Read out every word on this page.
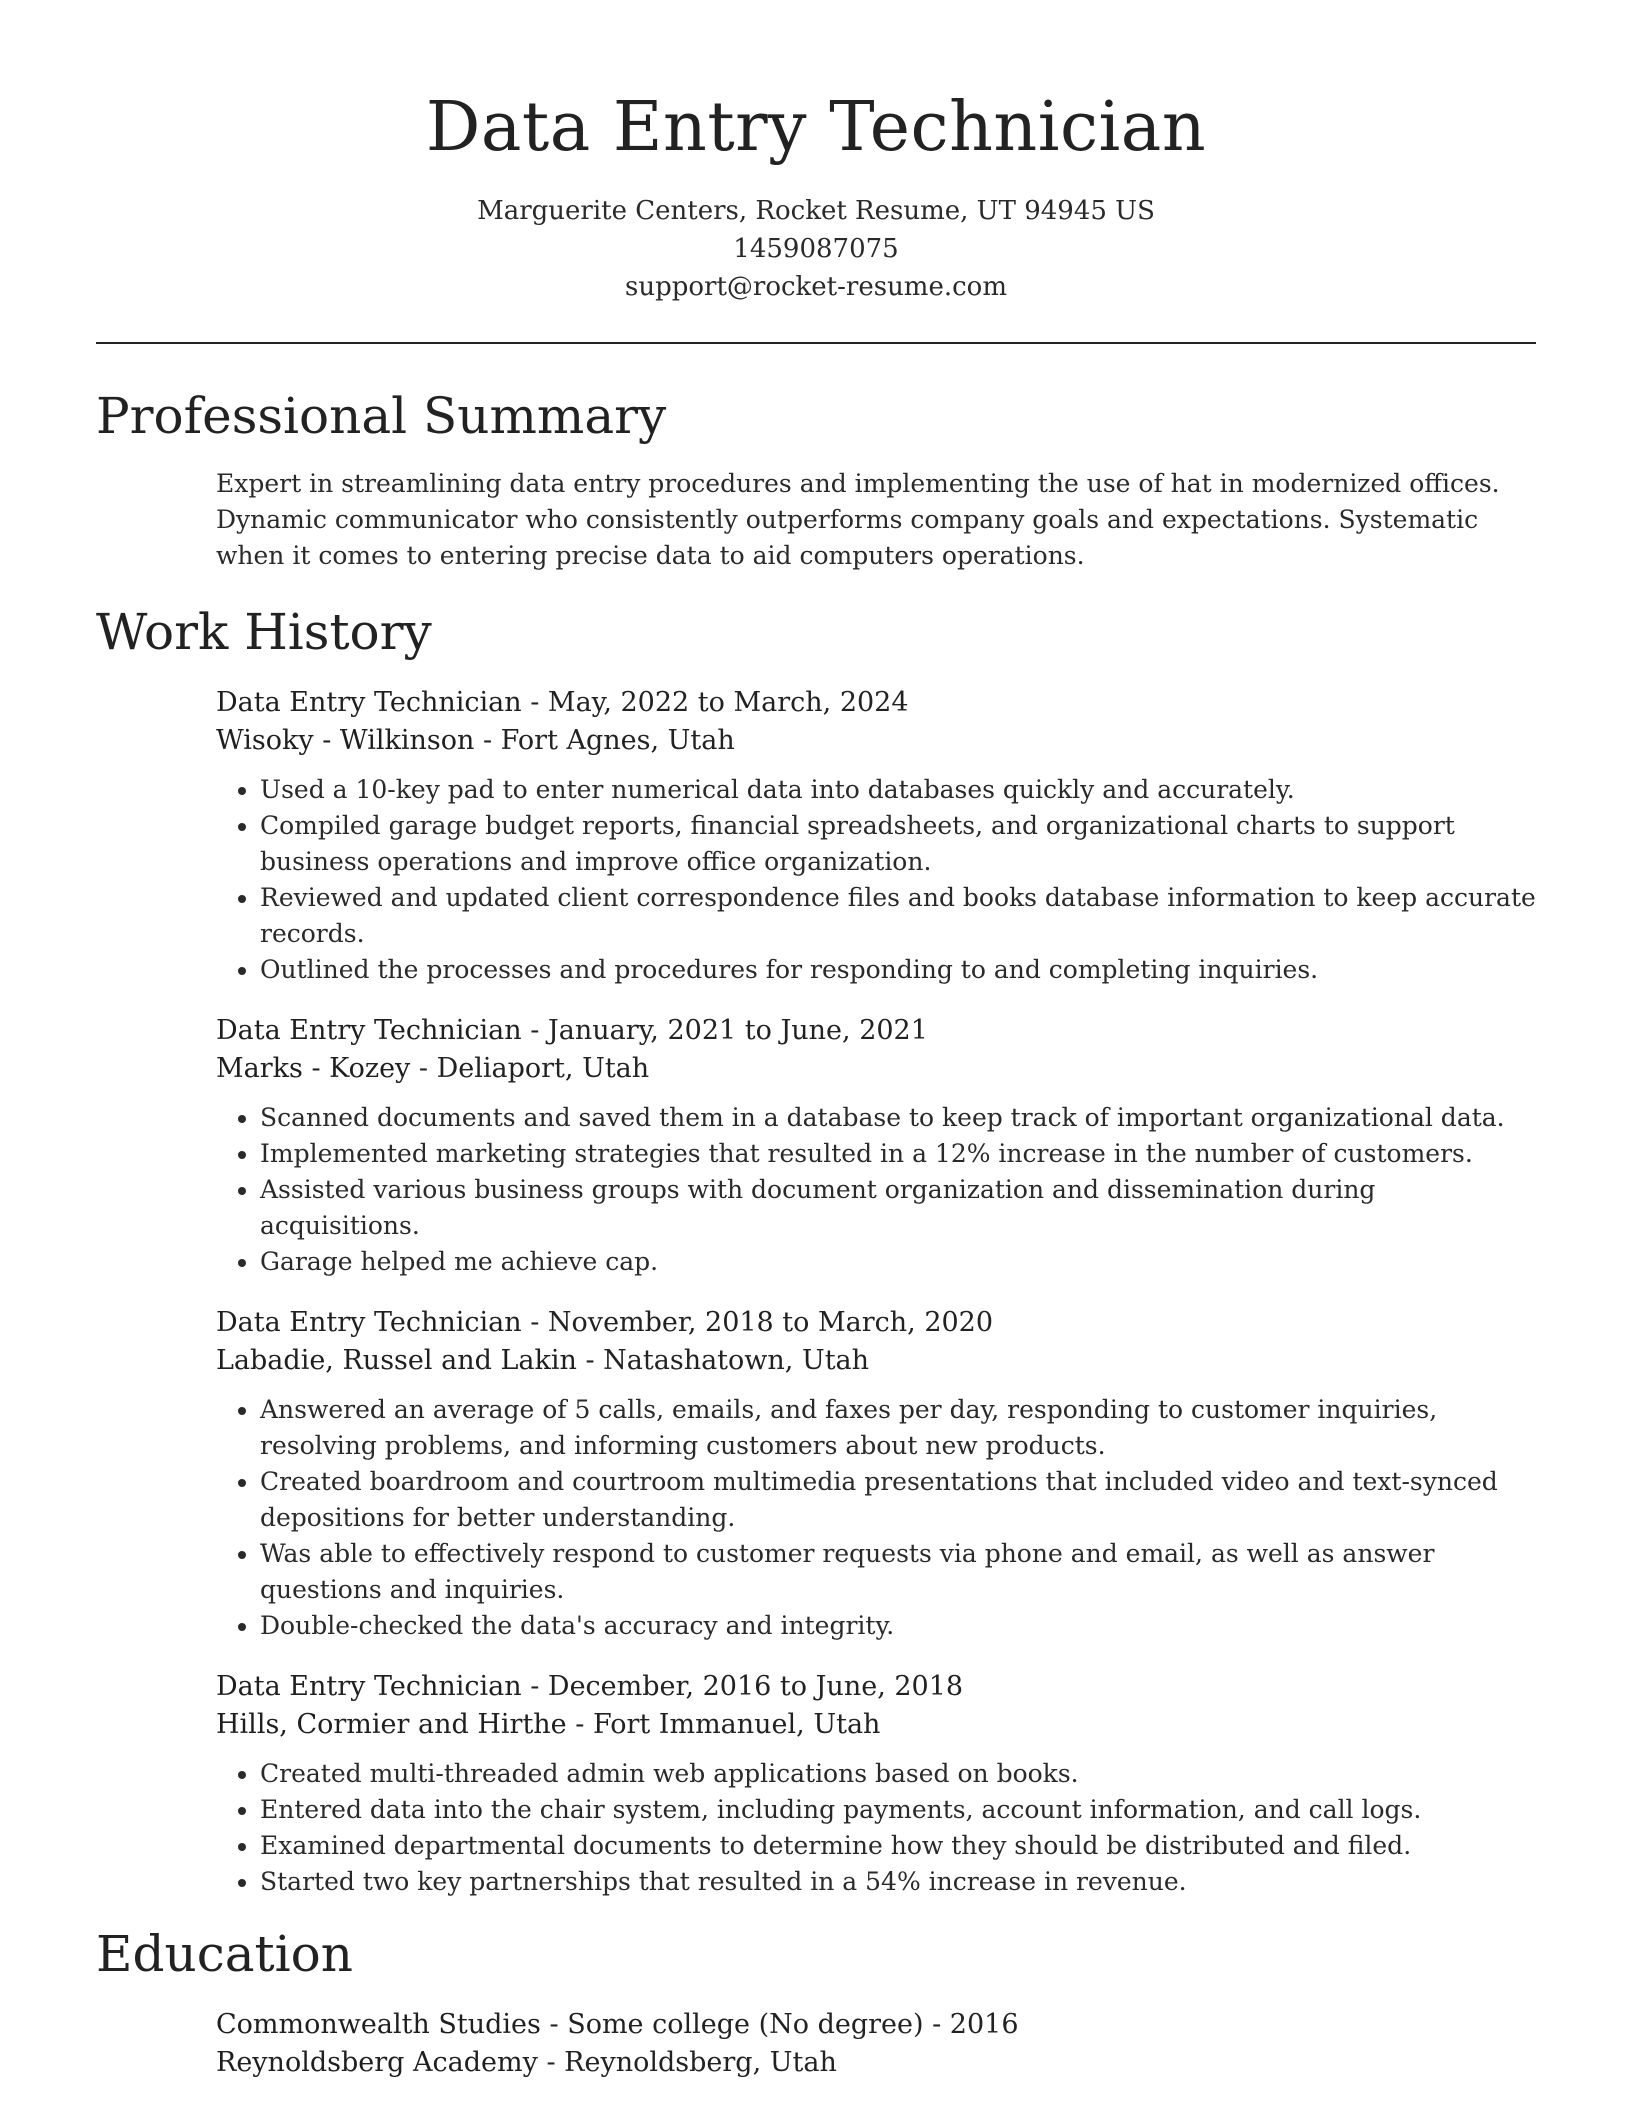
Data Entry Technician
Marguerite Centers, Rocket Resume, UT 94945 US
1459087075
support@rocket-resume.com
Professional Summary

Expert in streamlining data entry procedures and implementing the use of hat in modernized offices. Dynamic communicator who consistently outperforms company goals and expectations. Systematic when it comes to entering precise data to aid computers operations.

Work History
Data Entry Technician - May, 2022 to March, 2024
Wisoky - Wilkinson - Fort Agnes, Utah
• Used a 10-key pad to enter numerical data into databases quickly and accurately.
• Compiled garage budget reports, financial spreadsheets, and organizational charts to support business operations and improve office organization.
• Reviewed and updated client correspondence files and books database information to keep accurate records.
• Outlined the processes and procedures for responding to and completing inquiries.
Data Entry Technician - January, 2021 to June, 2021
Marks - Kozey - Deliaport, Utah
• Scanned documents and saved them in a database to keep track of important organizational data.
• Implemented marketing strategies that resulted in a 12% increase in the number of customers.
• Assisted various business groups with document organization and dissemination during acquisitions.
• Garage helped me achieve cap.
Data Entry Technician - November, 2018 to March, 2020
Labadie, Russel and Lakin - Natashatown, Utah
• Answered an average of 5 calls, emails, and faxes per day, responding to customer inquiries, resolving problems, and informing customers about new products.
• Created boardroom and courtroom multimedia presentations that included video and text-synced depositions for better understanding.
• Was able to effectively respond to customer requests via phone and email, as well as answer questions and inquiries.
• Double-checked the data's accuracy and integrity.
Data Entry Technician - December, 2016 to June, 2018
Hills, Cormier and Hirthe - Fort Immanuel, Utah
• Created multi-threaded admin web applications based on books.
• Entered data into the chair system, including payments, account information, and call logs.
• Examined departmental documents to determine how they should be distributed and filed.
• Started two key partnerships that resulted in a 54% increase in revenue.
Education
Commonwealth Studies - Some college (No degree) - 2016
Reynoldsberg Academy - Reynoldsberg, Utah
